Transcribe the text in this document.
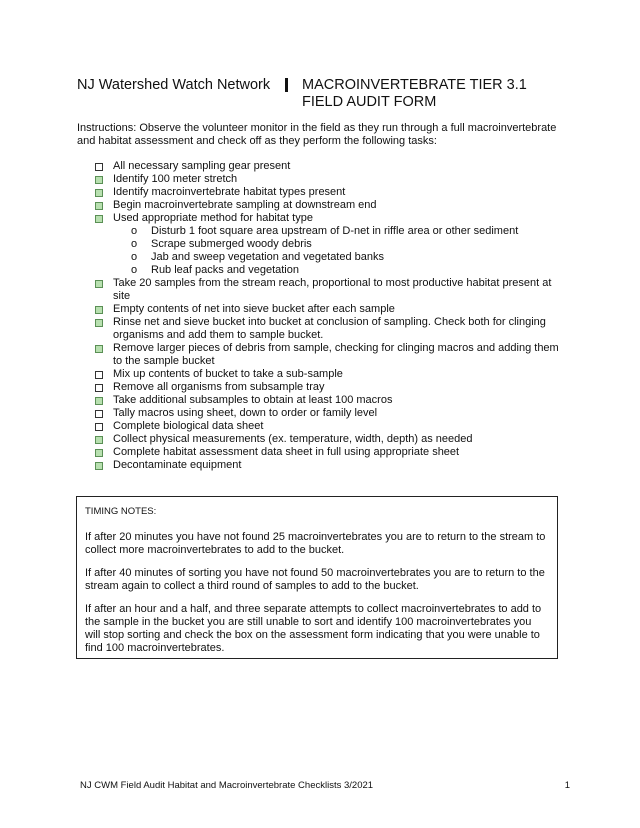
NJ Watershed Watch Network MACROINVERTEBRATE TIER 3.1
FIELD AUDIT FORM
Instructions: Observe the volunteer monitor in the field as they run through a full macroinvertebrate and habitat assessment and check off as they perform the following tasks:
All necessary sampling gear present
Identify 100 meter stretch
Identify macroinvertebrate habitat types present
Begin macroinvertebrate sampling at downstream end
Used appropriate method for habitat type
o Disturb 1 foot square area upstream of D-net in riffle area or other sediment
o Scrape submerged woody debris
o Jab and sweep vegetation and vegetated banks
o Rub leaf packs and vegetation
Take 20 samples from the stream reach, proportional to most productive habitat present at site
Empty contents of net into sieve bucket after each sample
Rinse net and sieve bucket into bucket at conclusion of sampling. Check both for clinging organisms and add them to sample bucket.
Remove larger pieces of debris from sample, checking for clinging macros and adding them to the sample bucket
Mix up contents of bucket to take a sub-sample
Remove all organisms from subsample tray
Take additional subsamples to obtain at least 100 macros
Tally macros using sheet, down to order or family level
Complete biological data sheet
Collect physical measurements (ex. temperature, width, depth) as needed
Complete habitat assessment data sheet in full using appropriate sheet
Decontaminate equipment

TIMING NOTES:

If after 20 minutes you have not found 25 macroinvertebrates you are to return to the stream to collect more macroinvertebrates to add to the bucket.

If after 40 minutes of sorting you have not found 50 macroinvertebrates you are to return to the stream again to collect a third round of samples to add to the bucket.

If after an hour and a half, and three separate attempts to collect macroinvertebrates to add to the sample in the bucket you are still unable to sort and identify 100 macroinvertebrates you will stop sorting and check the box on the assessment form indicating that you were unable to find 100 macroinvertebrates.

NJ CWM Field Audit Habitat and Macroinvertebrate Checklists 3/2021	1
